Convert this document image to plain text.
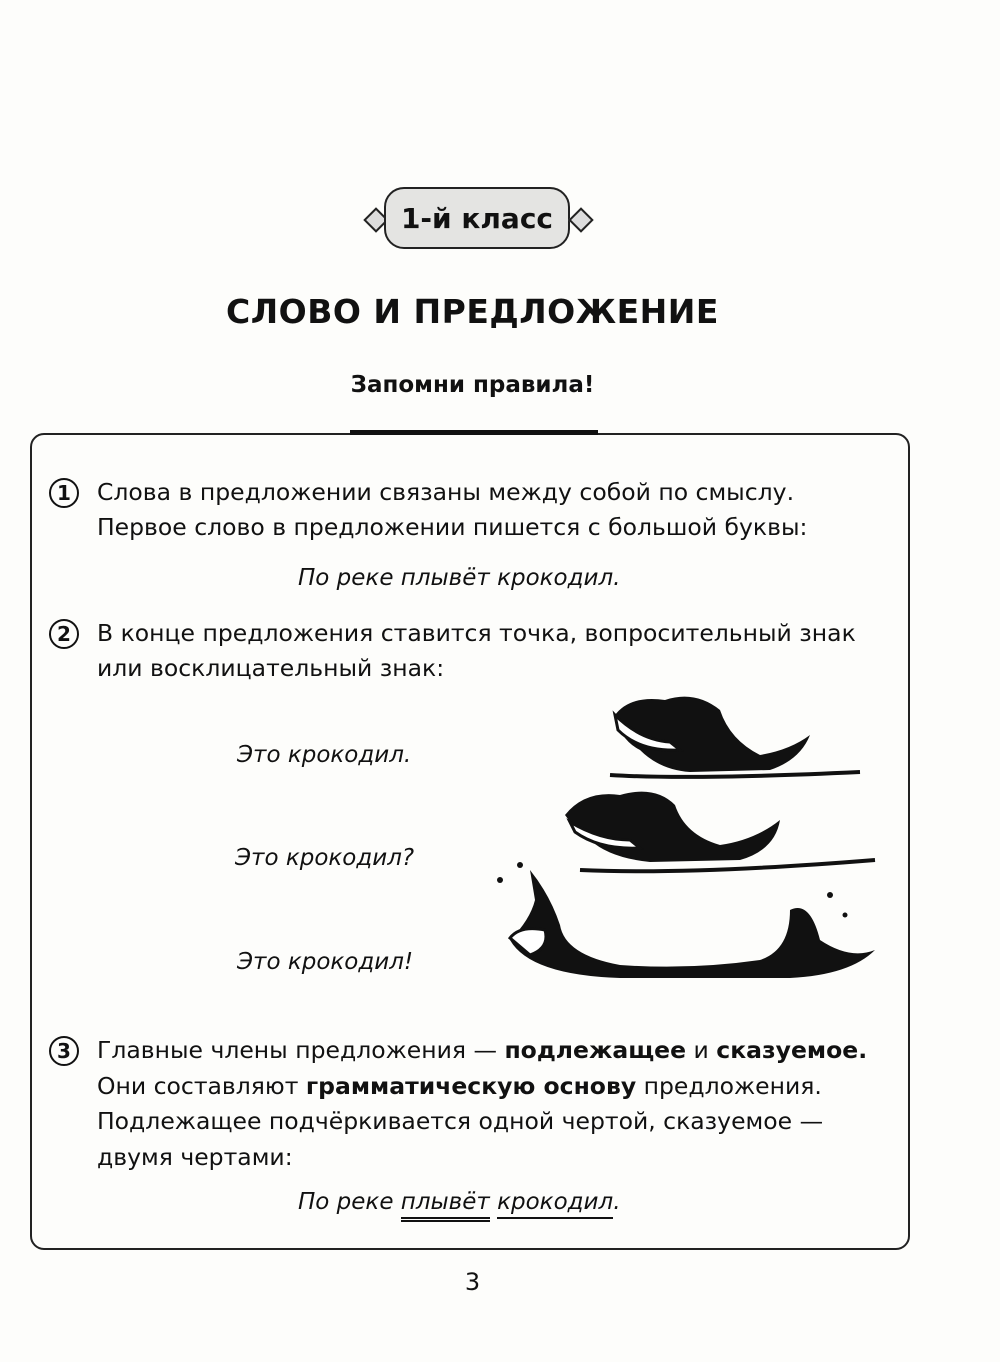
1-й класс
СЛОВО И ПРЕДЛОЖЕНИЕ
Запомни правила!
1	Слова в предложении связаны между собой по смыслу.
Первое слово в предложении пишется с большой буквы:
По реке плывёт крокодил.
2	В конце предложения ставится точка, вопросительный знак
или восклицательный знак:
Это крокодил.
Это крокодил?
Это крокодил!
3	Главные члены предложения — подлежащее и сказуемое.
Они составляют грамматическую основу предложения.
Подлежащее подчёркивается одной чертой, сказуемое —
двумя чертами:
По реке плывёт крокодил.
3
